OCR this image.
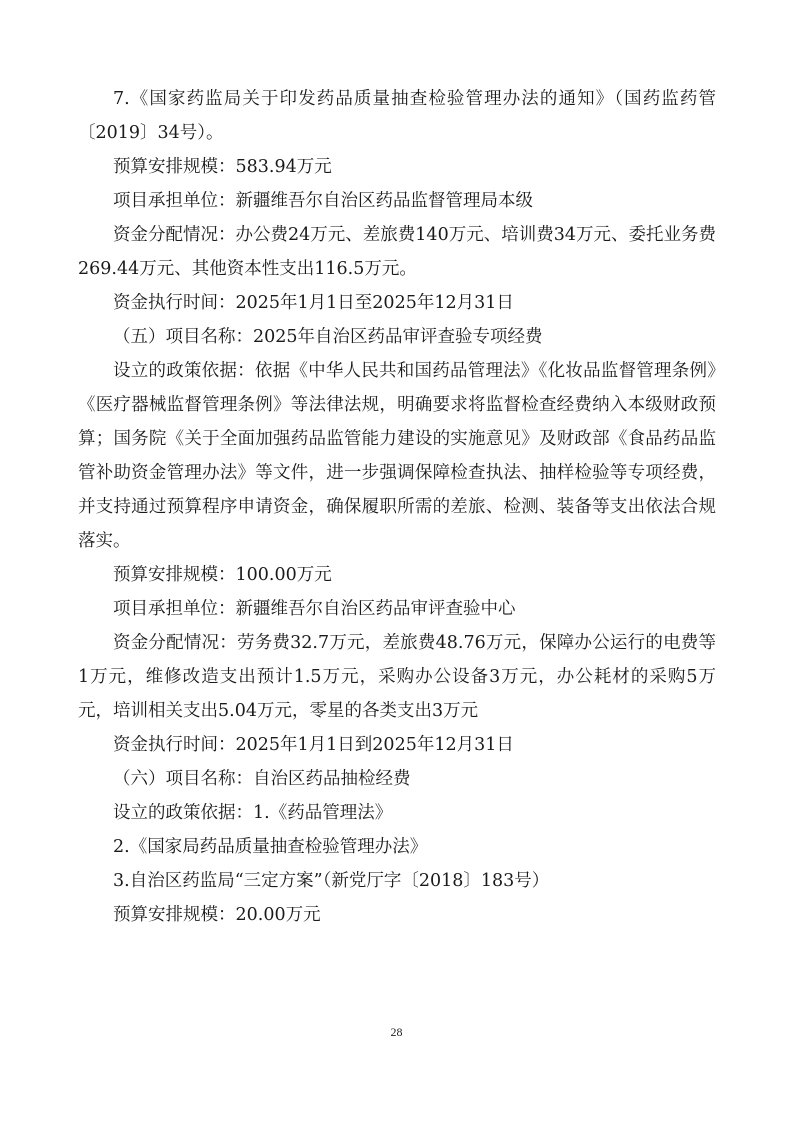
7.《国家药监局关于印发药品质量抽查检验管理办法的通知》（国药监药管〔2019〕34号）。

预算安排规模：583.94万元

项目承担单位：新疆维吾尔自治区药品监督管理局本级

资金分配情况：办公费24万元、差旅费140万元、培训费34万元、委托业务费269.44万元、其他资本性支出116.5万元。

资金执行时间：2025年1月1日至2025年12月31日

（五）项目名称：2025年自治区药品审评查验专项经费

设立的政策依据：依据《中华人民共和国药品管理法》《化妆品监督管理条例》《医疗器械监督管理条例》等法律法规，明确要求将监督检查经费纳入本级财政预算；国务院《关于全面加强药品监管能力建设的实施意见》及财政部《食品药品监管补助资金管理办法》等文件，进一步强调保障检查执法、抽样检验等专项经费，并支持通过预算程序申请资金，确保履职所需的差旅、检测、装备等支出依法合规落实。

预算安排规模：100.00万元

项目承担单位：新疆维吾尔自治区药品审评查验中心

资金分配情况：劳务费32.7万元，差旅费48.76万元，保障办公运行的电费等1万元，维修改造支出预计1.5万元，采购办公设备3万元，办公耗材的采购5万元，培训相关支出5.04万元，零星的各类支出3万元

资金执行时间：2025年1月1日到2025年12月31日

（六）项目名称：自治区药品抽检经费

设立的政策依据：1.《药品管理法》

2.《国家局药品质量抽查检验管理办法》

3.自治区药监局“三定方案”（新党厅字〔2018〕183号）

预算安排规模：20.00万元

28
